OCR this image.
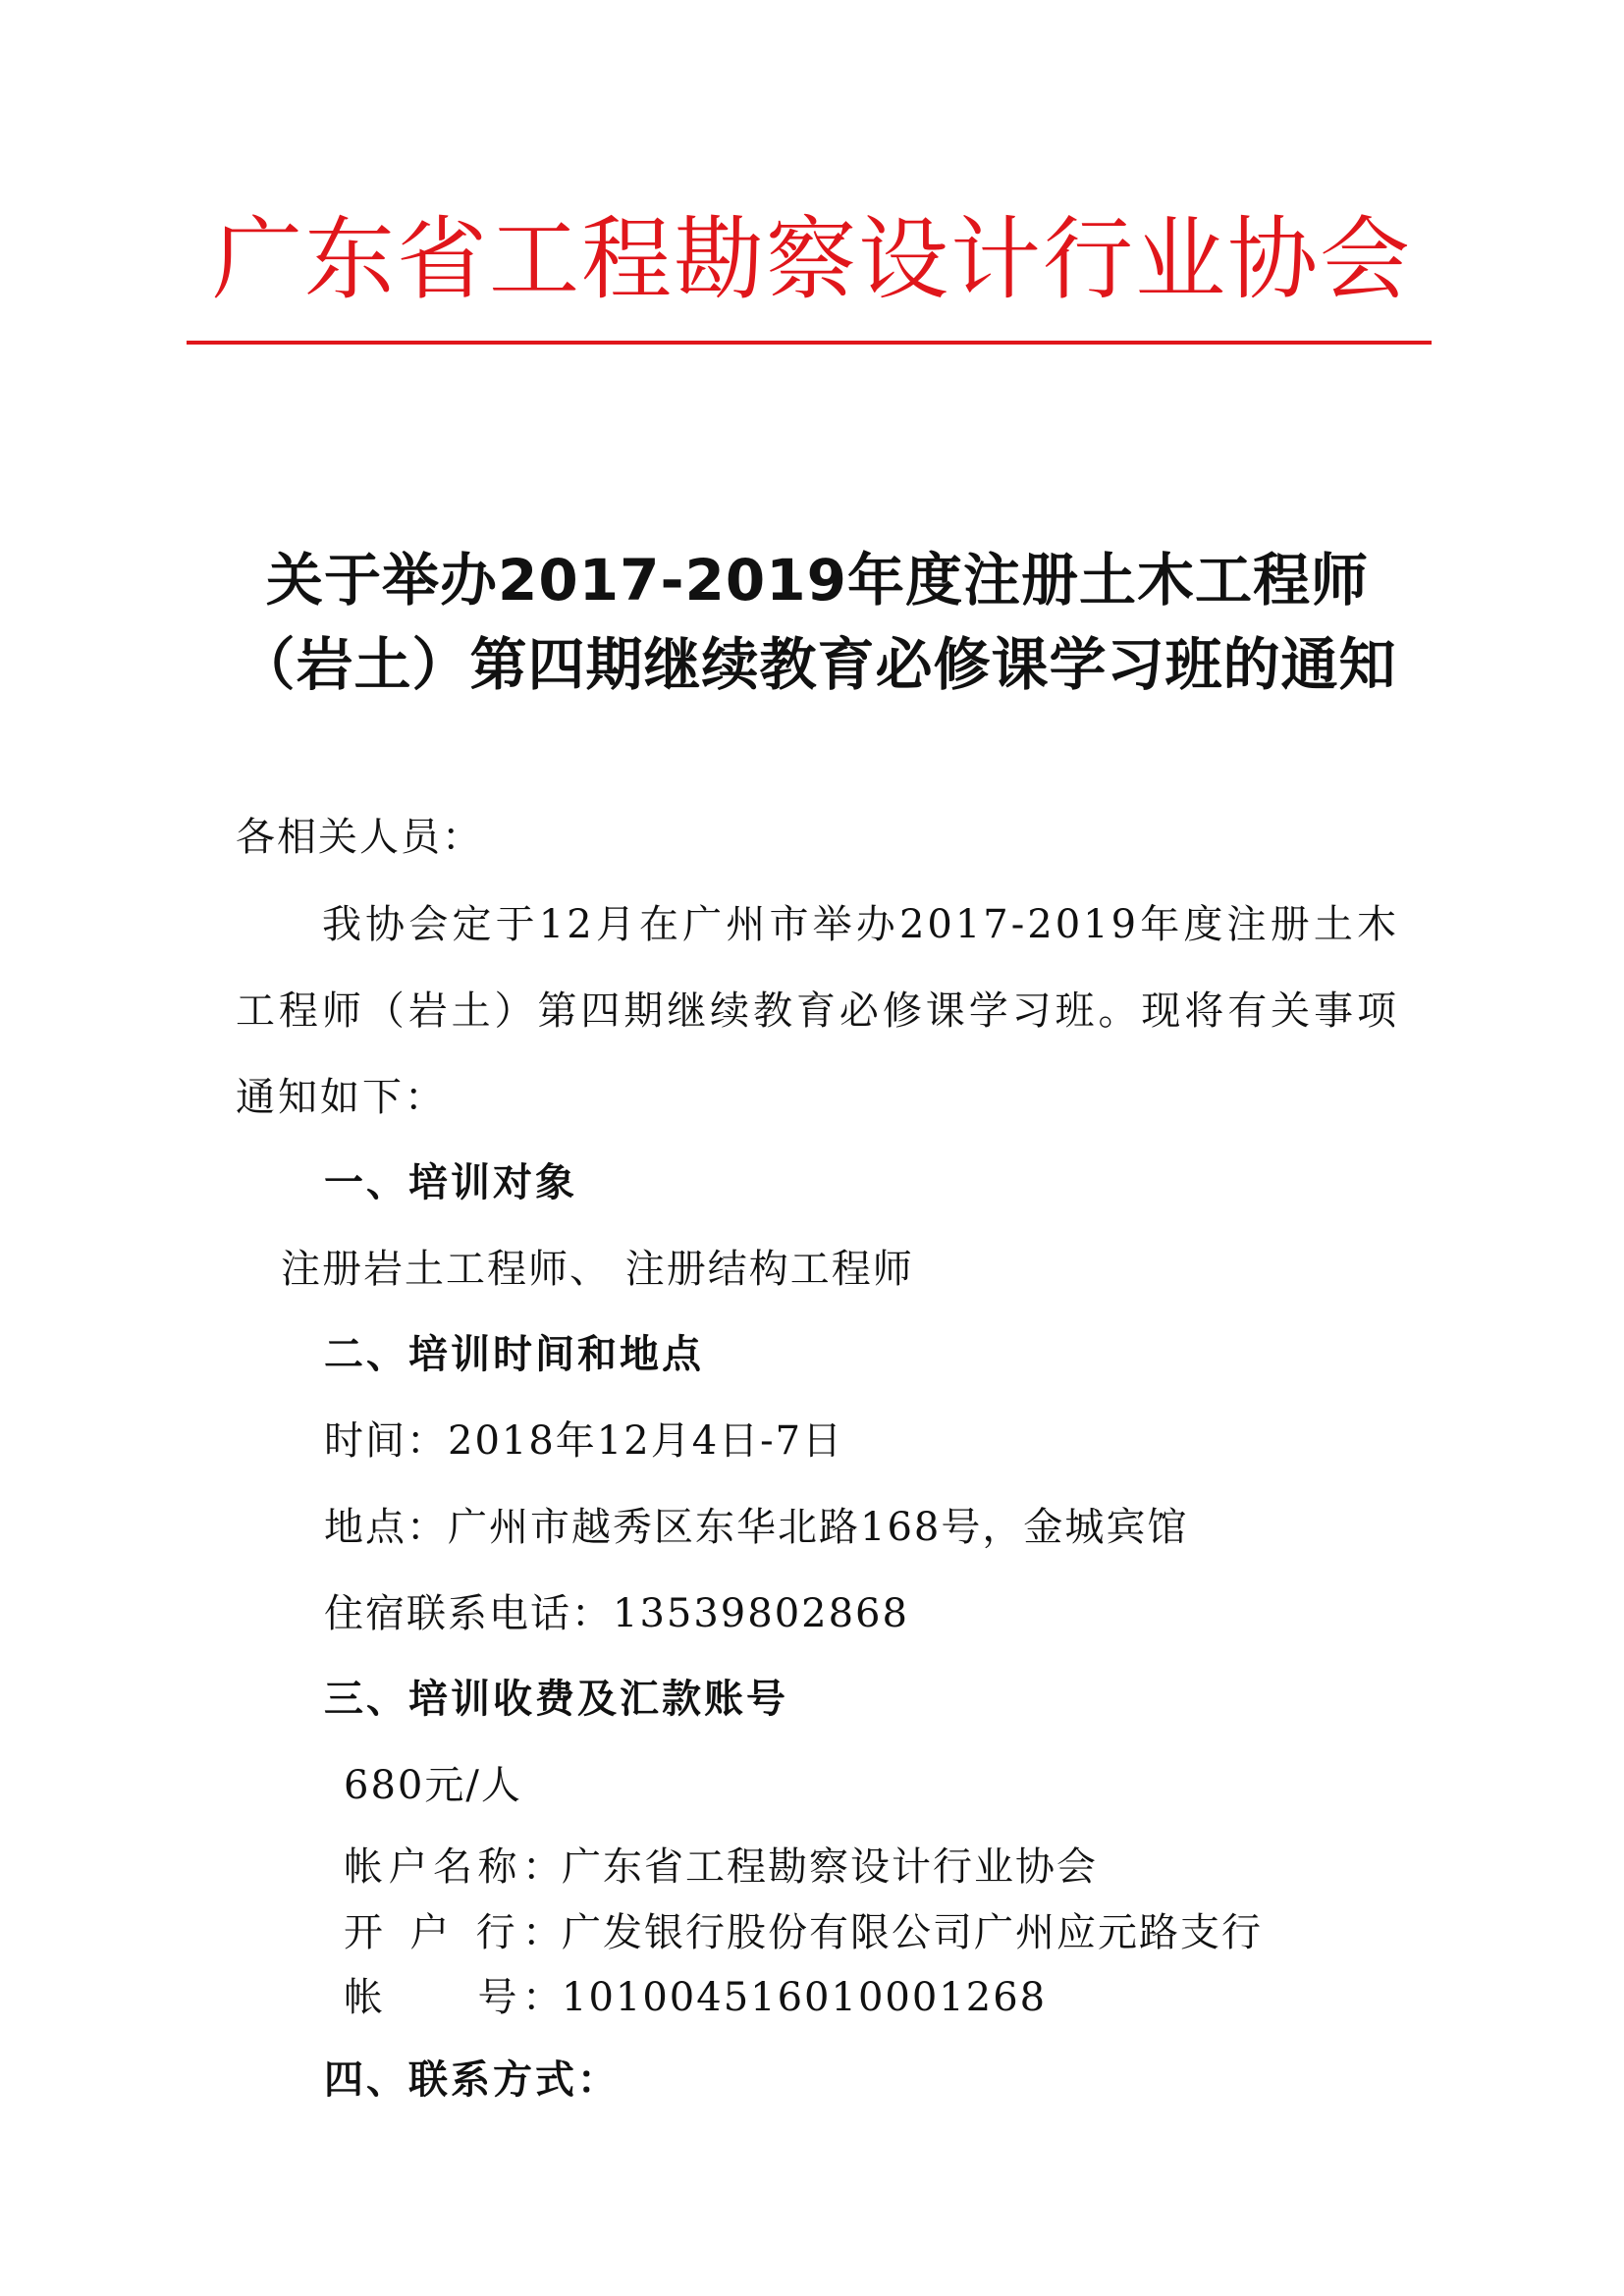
广东省工程勘察设计行业协会
关于举办2017-2019年度注册土木工程师（岩土）第四期继续教育必修课学习班的通知
各相关人员：
我协会定于12月在广州市举办2017-2019年度注册土木工程师（岩土）第四期继续教育必修课学习班。现将有关事项通知如下：
一、培训对象
注册岩土工程师、 注册结构工程师
二、培训时间和地点
时间：2018年12月4日-7日
地点：广州市越秀区东华北路168号，金城宾馆
住宿联系电话：13539802868
三、培训收费及汇款账号
680元/人
帐户名称：广东省工程勘察设计行业协会
开 户 行：广发银行股份有限公司广州应元路支行
帐　　号：101004516010001268
四、联系方式：
